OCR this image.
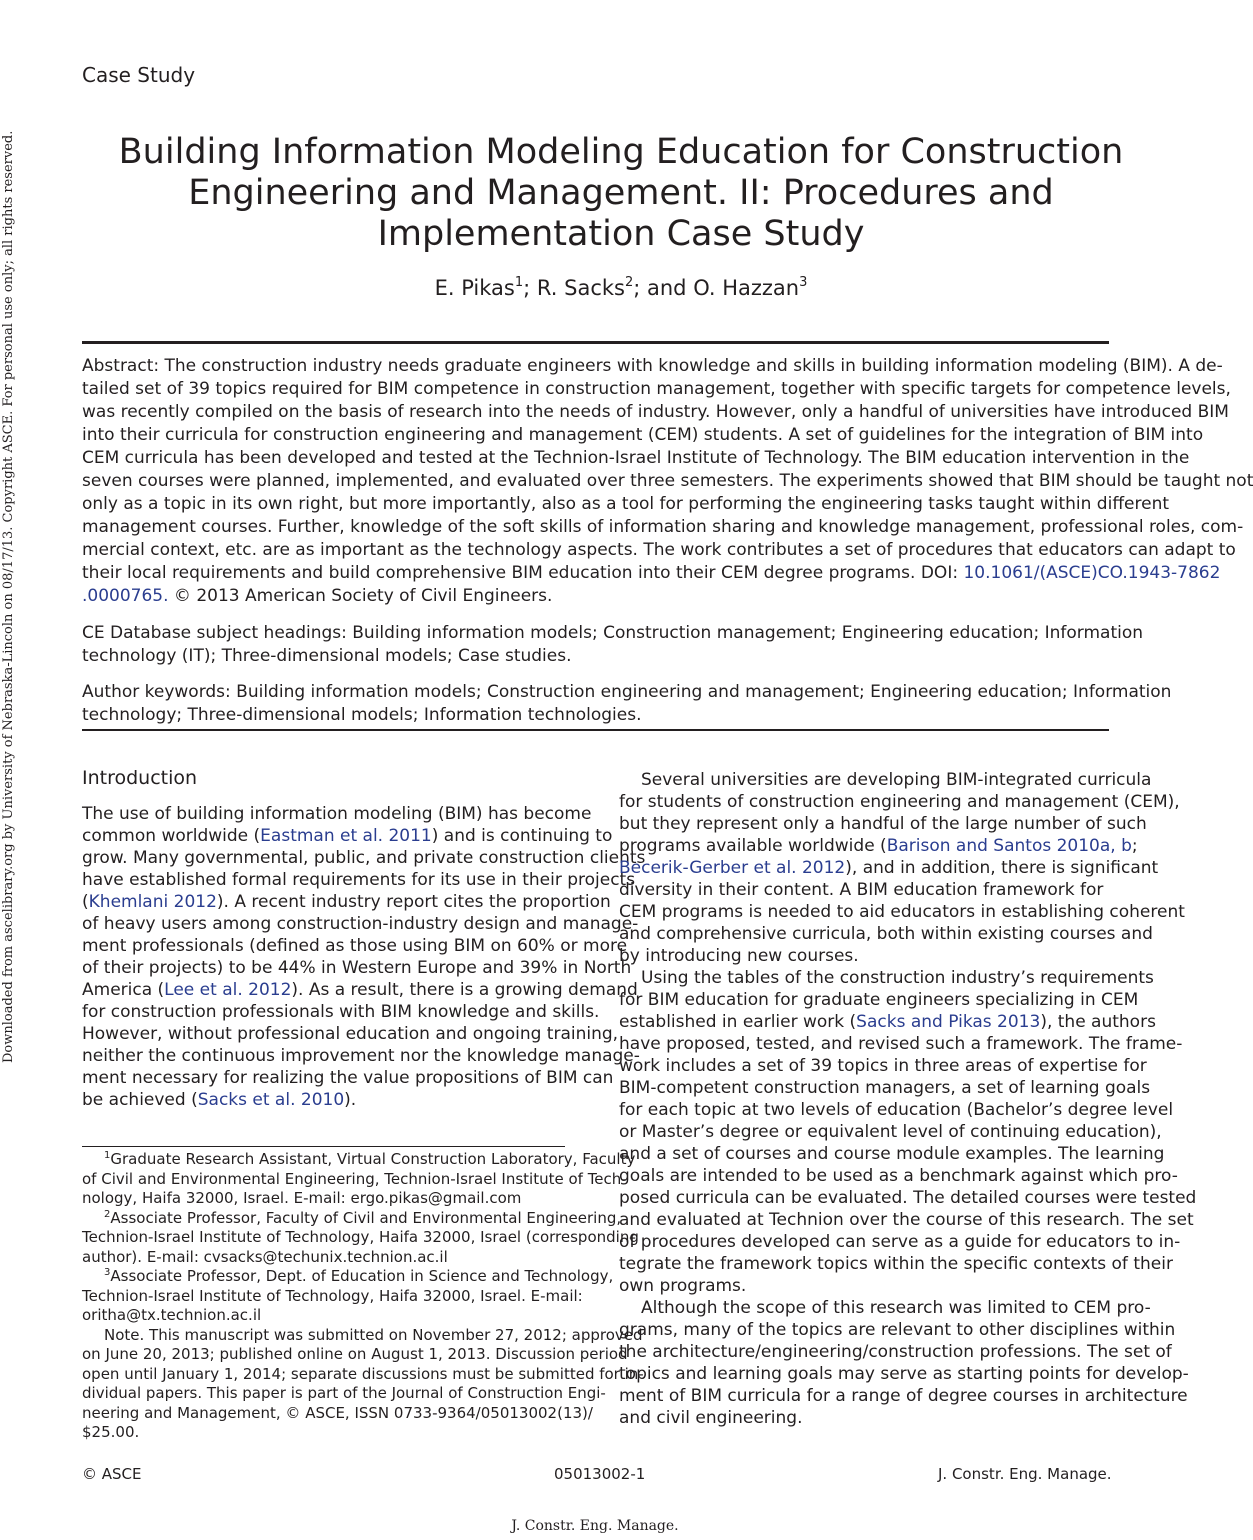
Downloaded from ascelibrary.org by University of Nebraska-Lincoln on 08/17/13. Copyright ASCE. For personal use only; all rights reserved.
Case Study
Building Information Modeling Education for Construction
Engineering and Management. II: Procedures and
Implementation Case Study
E. Pikas$^1$; R. Sacks$^2$; and O. Hazzan$^3$
Abstract: The construction industry needs graduate engineers with knowledge and skills in building information modeling (BIM). A de-
tailed set of 39 topics required for BIM competence in construction management, together with specific targets for competence levels,
was recently compiled on the basis of research into the needs of industry. However, only a handful of universities have introduced BIM
into their curricula for construction engineering and management (CEM) students. A set of guidelines for the integration of BIM into
CEM curricula has been developed and tested at the Technion-Israel Institute of Technology. The BIM education intervention in the
seven courses were planned, implemented, and evaluated over three semesters. The experiments showed that BIM should be taught not
only as a topic in its own right, but more importantly, also as a tool for performing the engineering tasks taught within different
management courses. Further, knowledge of the soft skills of information sharing and knowledge management, professional roles, com-
mercial context, etc. are as important as the technology aspects. The work contributes a set of procedures that educators can adapt to
their local requirements and build comprehensive BIM education into their CEM degree programs. DOI: 10.1061/(ASCE)CO.1943-7862
.0000765. © 2013 American Society of Civil Engineers.
CE Database subject headings: Building information models; Construction management; Engineering education; Information
technology (IT); Three-dimensional models; Case studies.
Author keywords: Building information models; Construction engineering and management; Engineering education; Information
technology; Three-dimensional models; Information technologies.
Introduction
The use of building information modeling (BIM) has become
common worldwide (Eastman et al. 2011) and is continuing to
grow. Many governmental, public, and private construction clients
have established formal requirements for its use in their projects
(Khemlani 2012). A recent industry report cites the proportion
of heavy users among construction-industry design and manage-
ment professionals (defined as those using BIM on 60% or more
of their projects) to be 44% in Western Europe and 39% in North
America (Lee et al. 2012). As a result, there is a growing demand
for construction professionals with BIM knowledge and skills.
However, without professional education and ongoing training,
neither the continuous improvement nor the knowledge manage-
ment necessary for realizing the value propositions of BIM can
be achieved (Sacks et al. 2010).
$^1$Graduate Research Assistant, Virtual Construction Laboratory, Faculty
of Civil and Environmental Engineering, Technion-Israel Institute of Tech-
nology, Haifa 32000, Israel. E-mail: ergo.pikas@gmail.com
$^2$Associate Professor, Faculty of Civil and Environmental Engineering,
Technion-Israel Institute of Technology, Haifa 32000, Israel (corresponding
author). E-mail: cvsacks@techunix.technion.ac.il
$^3$Associate Professor, Dept. of Education in Science and Technology,
Technion-Israel Institute of Technology, Haifa 32000, Israel. E-mail:
oritha@tx.technion.ac.il
Note. This manuscript was submitted on November 27, 2012; approved
on June 20, 2013; published online on August 1, 2013. Discussion period
open until January 1, 2014; separate discussions must be submitted for in-
dividual papers. This paper is part of the Journal of Construction Engi-
neering and Management, © ASCE, ISSN 0733-9364/05013002(13)/
$25.00.
Several universities are developing BIM-integrated curricula
for students of construction engineering and management (CEM),
but they represent only a handful of the large number of such
programs available worldwide (Barison and Santos 2010a, b;
Becerik-Gerber et al. 2012), and in addition, there is significant
diversity in their content. A BIM education framework for
CEM programs is needed to aid educators in establishing coherent
and comprehensive curricula, both within existing courses and
by introducing new courses.
Using the tables of the construction industry’s requirements
for BIM education for graduate engineers specializing in CEM
established in earlier work (Sacks and Pikas 2013), the authors
have proposed, tested, and revised such a framework. The frame-
work includes a set of 39 topics in three areas of expertise for
BIM-competent construction managers, a set of learning goals
for each topic at two levels of education (Bachelor’s degree level
or Master’s degree or equivalent level of continuing education),
and a set of courses and course module examples. The learning
goals are intended to be used as a benchmark against which pro-
posed curricula can be evaluated. The detailed courses were tested
and evaluated at Technion over the course of this research. The set
of procedures developed can serve as a guide for educators to in-
tegrate the framework topics within the specific contexts of their
own programs.
Although the scope of this research was limited to CEM pro-
grams, many of the topics are relevant to other disciplines within
the architecture/engineering/construction professions. The set of
topics and learning goals may serve as starting points for develop-
ment of BIM curricula for a range of degree courses in architecture
and civil engineering.
© ASCE	05013002-1	J. Constr. Eng. Manage.
J. Constr. Eng. Manage.
